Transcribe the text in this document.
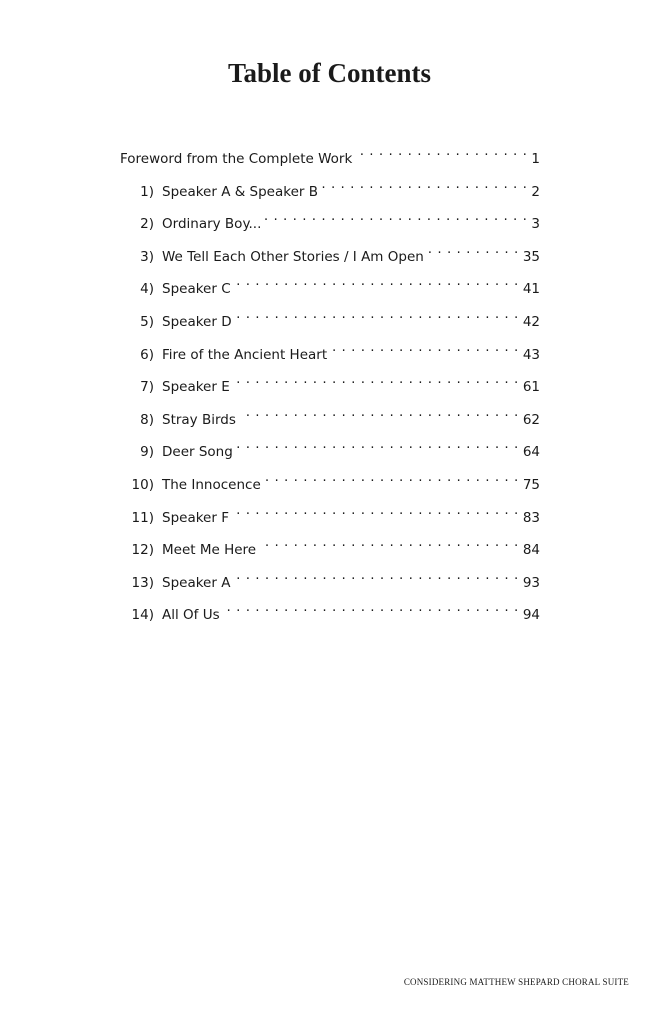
Table of Contents
Foreword from the Complete Work . . .	1
1) Speaker A & Speaker B . . .	2
2) Ordinary Boy... . . .	3
3) We Tell Each Other Stories / I Am Open . . .	35
4) Speaker C . . .	41
5) Speaker D . . .	42
6) Fire of the Ancient Heart . . .	43
7) Speaker E . . .	61
8) Stray Birds . . .	62
9) Deer Song . . .	64
10) The Innocence . . .	75
11) Speaker F . . .	83
12) Meet Me Here . . .	84
13) Speaker A . . .	93
14) All Of Us . . .	94
CONSIDERING MATTHEW SHEPARD CHORAL SUITE
